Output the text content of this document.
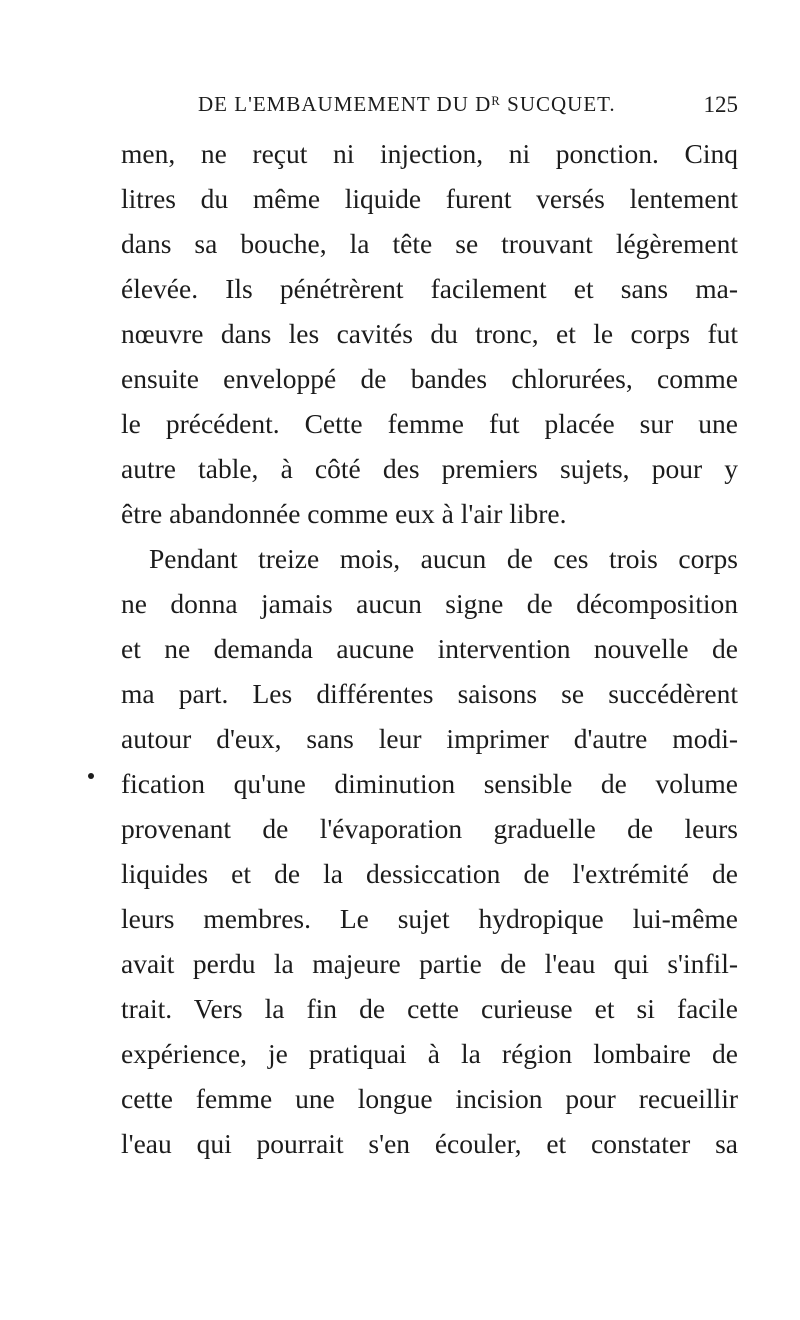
DE L'EMBAUMEMENT DU Dᴿ SUCQUET.	125
men, ne reçut ni injection, ni ponction. Cinq
litres du même liquide furent versés lentement
dans sa bouche, la tête se trouvant légèrement
élevée. Ils pénétrèrent facilement et sans ma-
nœuvre dans les cavités du tronc, et le corps fut
ensuite enveloppé de bandes chlorurées, comme
le précédent. Cette femme fut placée sur une
autre table, à côté des premiers sujets, pour y
être abandonnée comme eux à l'air libre.
Pendant treize mois, aucun de ces trois corps
ne donna jamais aucun signe de décomposition
et ne demanda aucune intervention nouvelle de
ma part. Les différentes saisons se succédèrent
autour d'eux, sans leur imprimer d'autre modi-
fication qu'une diminution sensible de volume
provenant de l'évaporation graduelle de leurs
liquides et de la dessiccation de l'extrémité de
leurs membres. Le sujet hydropique lui-même
avait perdu la majeure partie de l'eau qui s'infil-
trait. Vers la fin de cette curieuse et si facile
expérience, je pratiquai à la région lombaire de
cette femme une longue incision pour recueillir
l'eau qui pourrait s'en écouler, et constater sa
